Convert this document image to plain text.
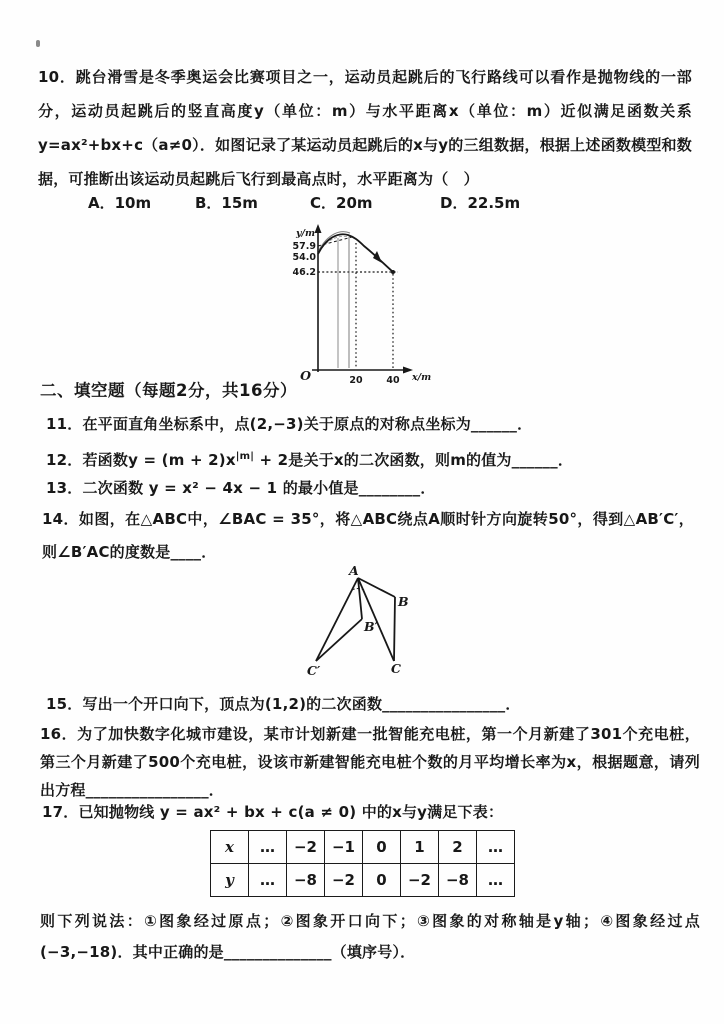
10．跳台滑雪是冬季奥运会比赛项目之一，运动员起跳后的飞行路线可以看作是抛物线的一部分，运动员起跳后的竖直高度y（单位：m）与水平距离x（单位：m）近似满足函数关系 y=ax²+bx+c（a≠0）．如图记录了某运动员起跳后的x与y的三组数据，根据上述函数模型和数据，可推断出该运动员起跳后飞行到最高点时，水平距离为（　）
A．10m	B．15m	C．20m	D．22.5m
y/m
x/m
O
57.9
54.0
46.2
20	40
二、填空题（每题2分，共16分）
11．在平面直角坐标系中，点(2,−3)关于原点的对称点坐标为______．
12．若函数$y = (m + 2)x^{|m|} + 2$是关于x的二次函数，则m的值为______．
13．二次函数 y = x² − 4x − 1 的最小值是________．
14．如图，在△ABC中，∠BAC = 35°，将△ABC绕点A顺时针方向旋转50°，得到△AB′C′，则∠B′AC的度数是____．
A
B
B′
C
C′
15．写出一个开口向下，顶点为(1,2)的二次函数________________．
16．为了加快数字化城市建设，某市计划新建一批智能充电桩，第一个月新建了301个充电桩，第三个月新建了500个充电桩，设该市新建智能充电桩个数的月平均增长率为x，根据题意，请列出方程________________．
17．已知抛物线 y = ax² + bx + c(a ≠ 0) 中的x与y满足下表：
x	…	−2	−1	0	1	2	…
y	…	−8	−2	0	−2	−8	…
则下列说法：①图象经过原点；②图象开口向下；③图象的对称轴是y轴；④图象经过点(−3,−18)．其中正确的是______________（填序号）．
